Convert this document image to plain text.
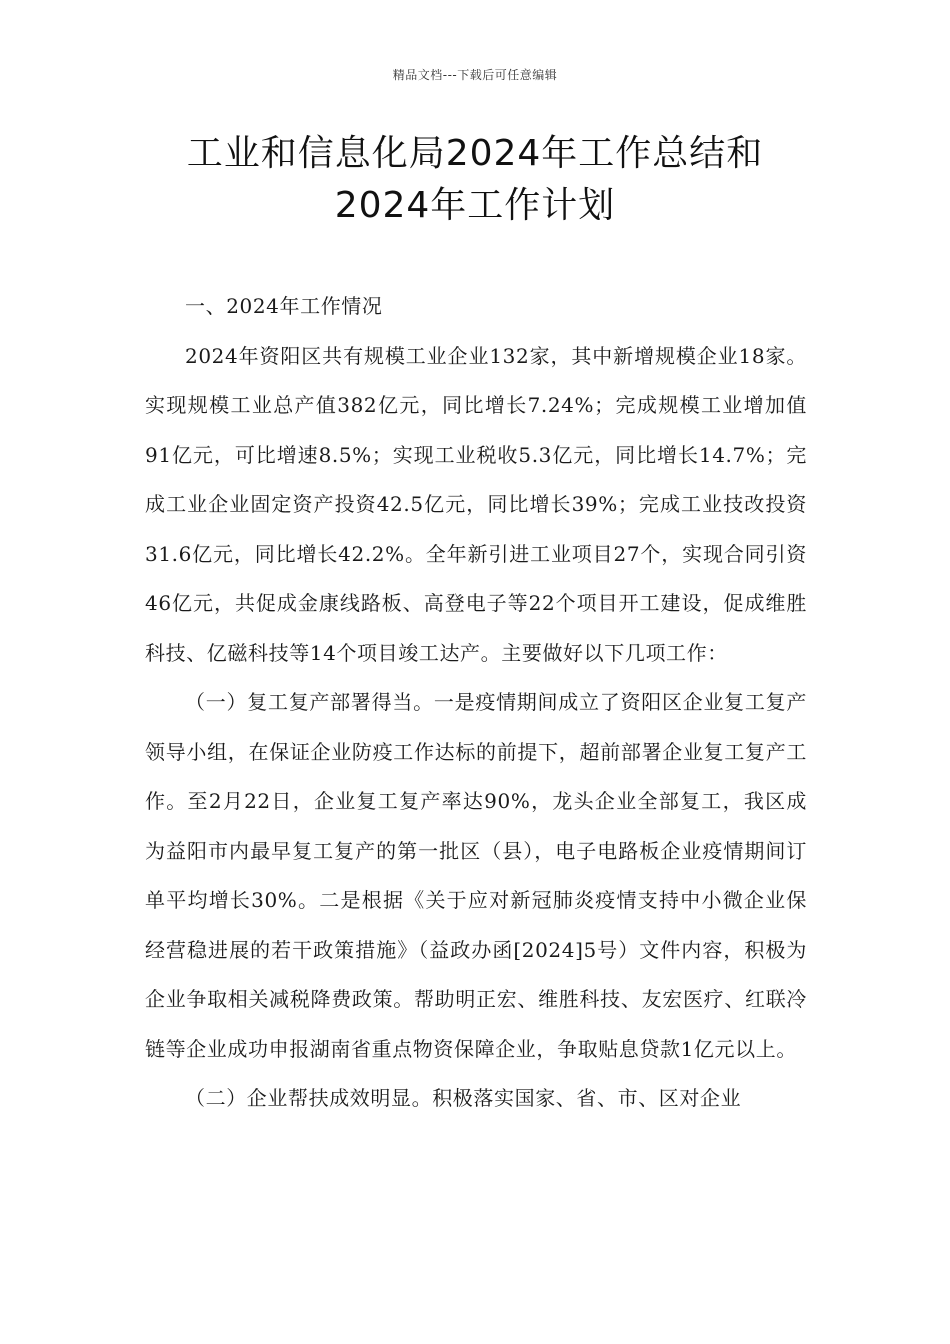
精品文档---下载后可任意编辑
工业和信息化局2024年工作总结和
2024年工作计划

一、2024年工作情况

2024年资阳区共有规模工业企业132家，其中新增规模企业18家。实现规模工业总产值382亿元，同比增长7.24%；完成规模工业增加值91亿元，可比增速8.5%；实现工业税收5.3亿元，同比增长14.7%；完成工业企业固定资产投资42.5亿元，同比增长39%；完成工业技改投资31.6亿元，同比增长42.2%。全年新引进工业项目27个，实现合同引资46亿元，共促成金康线路板、高登电子等22个项目开工建设，促成维胜科技、亿磁科技等14个项目竣工达产。主要做好以下几项工作：

（一）复工复产部署得当。一是疫情期间成立了资阳区企业复工复产领导小组，在保证企业防疫工作达标的前提下，超前部署企业复工复产工作。至2月22日，企业复工复产率达90%，龙头企业全部复工，我区成为益阳市内最早复工复产的第一批区（县），电子电路板企业疫情期间订单平均增长30%。二是根据《关于应对新冠肺炎疫情支持中小微企业保经营稳进展的若干政策措施》（益政办函[2024]5号）文件内容，积极为企业争取相关减税降费政策。帮助明正宏、维胜科技、友宏医疗、红联冷链等企业成功申报湖南省重点物资保障企业，争取贴息贷款1亿元以上。

（二）企业帮扶成效明显。积极落实国家、省、市、区对企业
